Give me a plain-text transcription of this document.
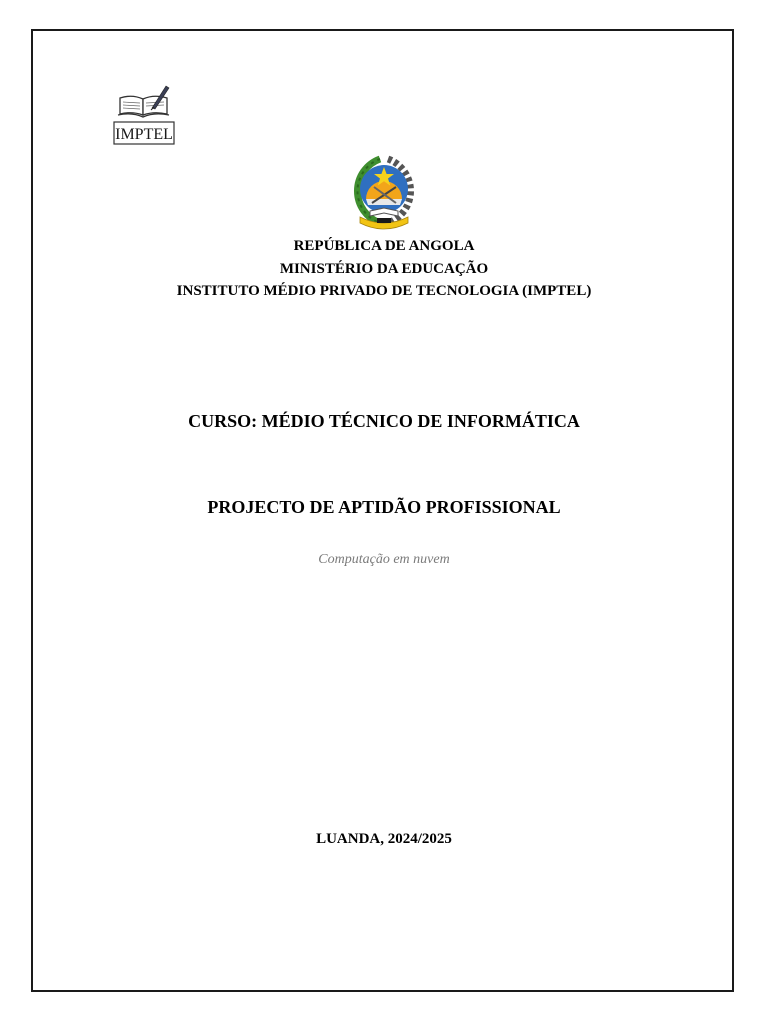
IMPTEL
REPÚBLICA DE ANGOLA
MINISTÉRIO DA EDUCAÇÃO
INSTITUTO MÉDIO PRIVADO DE TECNOLOGIA (IMPTEL)
CURSO: MÉDIO TÉCNICO DE INFORMÁTICA
PROJECTO DE APTIDÃO PROFISSIONAL
Computação em nuvem
LUANDA, 2024/2025
